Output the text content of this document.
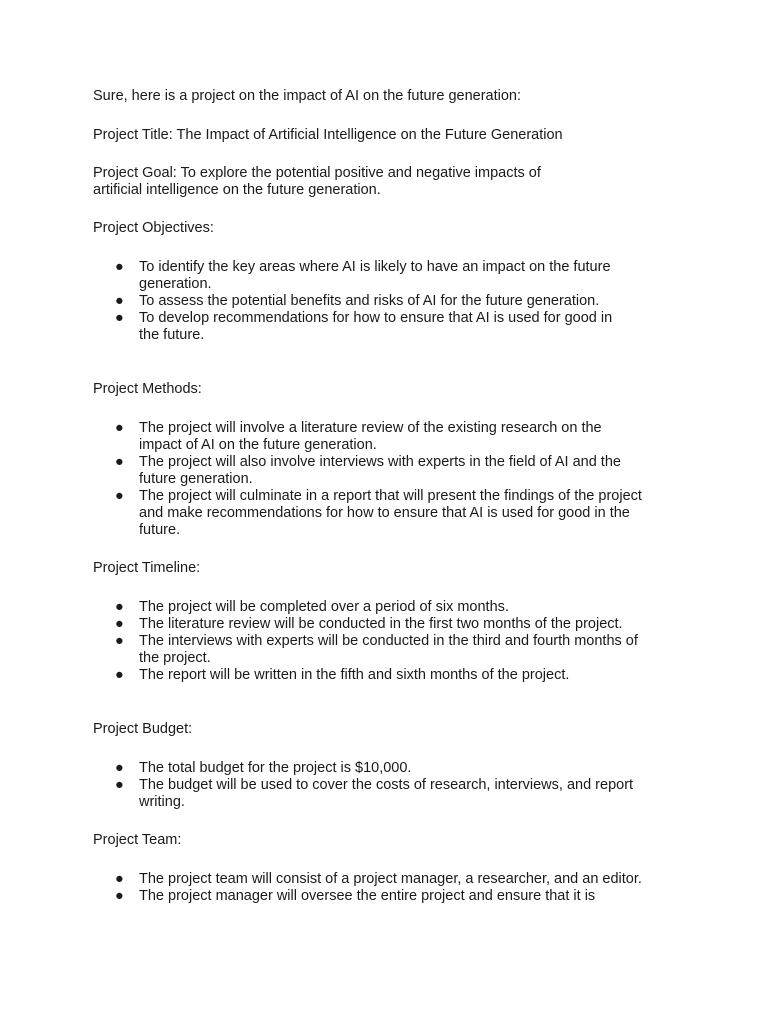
Sure, here is a project on the impact of AI on the future generation:

Project Title: The Impact of Artificial Intelligence on the Future Generation

Project Goal: To explore the potential positive and negative impacts of artificial intelligence on the future generation.

Project Objectives:

● To identify the key areas where AI is likely to have an impact on the future generation.
● To assess the potential benefits and risks of AI for the future generation.
● To develop recommendations for how to ensure that AI is used for good in the future.

Project Methods:

● The project will involve a literature review of the existing research on the impact of AI on the future generation.
● The project will also involve interviews with experts in the field of AI and the future generation.
● The project will culminate in a report that will present the findings of the project and make recommendations for how to ensure that AI is used for good in the future.

Project Timeline:

● The project will be completed over a period of six months.
● The literature review will be conducted in the first two months of the project.
● The interviews with experts will be conducted in the third and fourth months of the project.
● The report will be written in the fifth and sixth months of the project.

Project Budget:

● The total budget for the project is $10,000.
● The budget will be used to cover the costs of research, interviews, and report writing.

Project Team:

● The project team will consist of a project manager, a researcher, and an editor.
● The project manager will oversee the entire project and ensure that it is
